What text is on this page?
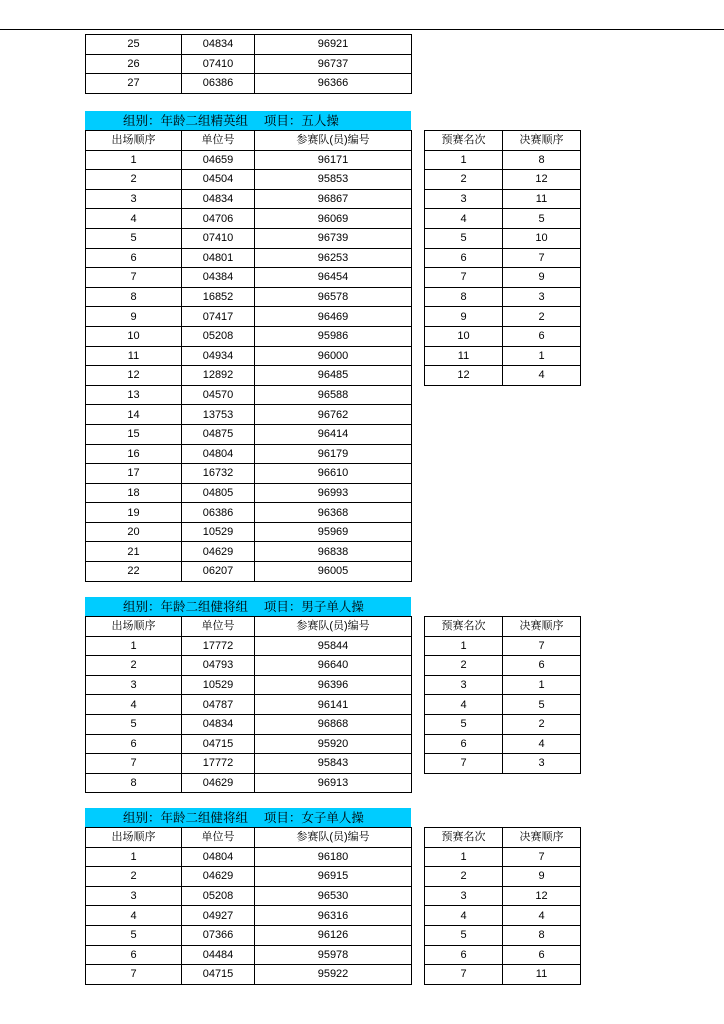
25	04834	96921
26	07410	96737
27	06386	96366
组别：年龄二组精英组    项目：五人操
出场顺序	单位号	参赛队(员)编号
1	04659	96171
2	04504	95853
3	04834	96867
4	04706	96069
5	07410	96739
6	04801	96253
7	04384	96454
8	16852	96578
9	07417	96469
10	05208	95986
11	04934	96000
12	12892	96485
13	04570	96588
14	13753	96762
15	04875	96414
16	04804	96179
17	16732	96610
18	04805	96993
19	06386	96368
20	10529	95969
21	04629	96838
22	06207	96005
预赛名次	决赛顺序
1	8
2	12
3	11
4	5
5	10
6	7
7	9
8	3
9	2
10	6
11	1
12	4
组别：年龄二组健将组    项目：男子单人操
出场顺序	单位号	参赛队(员)编号
1	17772	95844
2	04793	96640
3	10529	96396
4	04787	96141
5	04834	96868
6	04715	95920
7	17772	95843
8	04629	96913
预赛名次	决赛顺序
1	7
2	6
3	1
4	5
5	2
6	4
7	3
组别：年龄二组健将组    项目：女子单人操
出场顺序	单位号	参赛队(员)编号
1	04804	96180
2	04629	96915
3	05208	96530
4	04927	96316
5	07366	96126
6	04484	95978
7	04715	95922
预赛名次	决赛顺序
1	7
2	9
3	12
4	4
5	8
6	6
7	11
